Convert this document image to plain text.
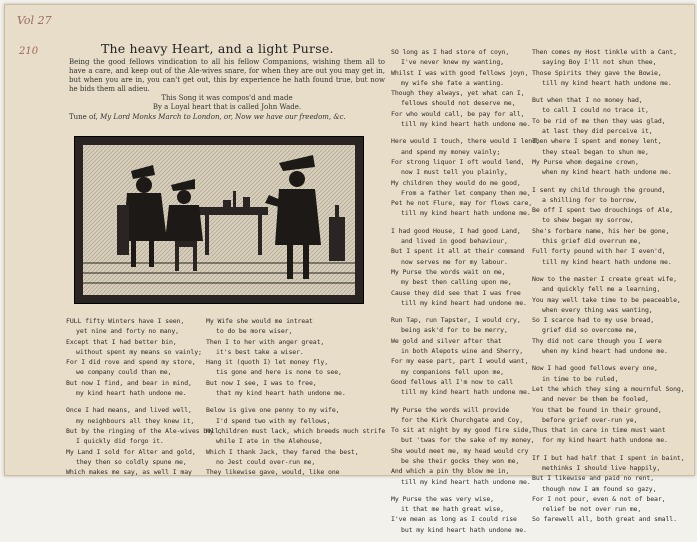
Vol 27
210	The heavy Heart, and a light Purse.

Being the good fellows vindication to all his fellow Companions, wishing them all to have a care, and keep out of the Ale-wives snare, for when they are out you may get in, but when you are in, you can't get out, this by experience he hath found true, but now he bids them all adieu.

This Song it was compos'd and made

By a Loyal heart that is called John Wade.

Tune of, My Lord Monks March to London, or, Now we have our freedom, &c.

FULL fifty Winters have I seen,
yet nine and forty no many,
Except that I had better bin,
without spent my means so vainly;
For I did rove and spend my store,
we company could than me,
But now I find, and bear in mind,
my kind heart hath undone me.

Once I had means, and lived well,
my neighbours all they knew it,
But by the ringing of the Ale-wives bell,
I quickly did forgo it.
My Land I sold for Alter and gold,
they then so coldly spune me,
Which makes me say, as well I may

My Wife she would me intreat
to do be more wiser,
Then I to her with anger great,
it's best take a wiser.
Hang it (quoth I) let money fly,
tis gone and here is none to see,
But now I see, I was to free,
that my kind heart hath undone me.

Below is give one penny to my wife,
I'd spend two with my fellows,
My children must lack, which breeds much strife
while I ate in the Alehouse,
Which I thank Jack, they fared the best,
no Jest could over-run me,
They likewise gave, would, like one

SO long as I had store of coyn,
I've never knew my wanting,
Whilst I was with good fellows joyn,
my wife she fate a wanting.
Though they always, yet what can I,
fellows should not deserve me,
For who would call, be pay for all,
till my kind heart hath undone me.

Here would I touch, there would I lend,
and spend my money vainly;
For strong liquor I oft would lend,
now I must tell you plainly,
My children they would do me good,
From a father let company then me,
Pet he not Flure, may for flows care,
till my kind heart hath undone me.

I had good House, I had good Land,
and lived in good behaviour,
But I spent it all at their command
now serves me for my labour.
My Purse the words wait on me,
my best then calling upon me,
Cause they did see that I was free
till my kind heart had undone me.

Run Tap, run Tapster, I would cry,
being ask'd for to be merry,
We gold and silver after that
in both Alepots wine and Sherry,
For my ease part, part I would want,
my companions fell upon me,
Good fellows all I'm now to call
till my kind heart hath undone me.

My Purse the words will provide
for the Kirk Churchgate and Coy,
To sit at night by my good fire side,
but 'twas for the sake of my money,
She would meet me, my head would cry
be she their gocks they won me,
And which a pin thy blow me in,
till my kind heart hath undone me.

My Purse the was very wise,
it that me hath great wise,
I've mean as long as I could rise
but my kind heart hath undone me.

Then comes my Host tinkle with a Cant,
saying Boy I'll not shun thee,
Those Spirits they gave the Bowie,
till my kind heart hath undone me.

But when that I no money had,
to call I could no trace it,
To be rid of me then they was glad,
at last they did perceive it,
Then where I spent and money lent,
they steal began to shun me,
My Purse whom degaine crown,
when my kind heart hath undone me.

I sent my child through the ground,
a shilling for to borrow,
Be off I spent two drouchings of Ale,
to shew began my sorrow,
She's forbare name, his her be gone,
this grief did overrun me,
Full forty pound with her I even'd,
till my kind heart hath undone me.

Now to the master I create great wife,
and quickly fell me a learning,
You may well take time to be peaceable,
when every thing was wanting,
So I scarce had to my use bread,
grief did so overcome me,
Thy did not care though you I were
when my kind heart had undone me.

Now I had good fellows every one,
in time to be ruled,
Let the which they sing a mournful Song,
and never be them be fooled,
You that be found in their ground,
before grief over-run ye,
Thus that in care in time must want
for my kind heart hath undone me.

If I but had half that I spent in baint,
methinks I should live happily,
But I likewise and paid no rent,
though now I am found so gazy,
For I not pour, even & not of bear,
relief be not over run me,
So farewell all, both great and small.
